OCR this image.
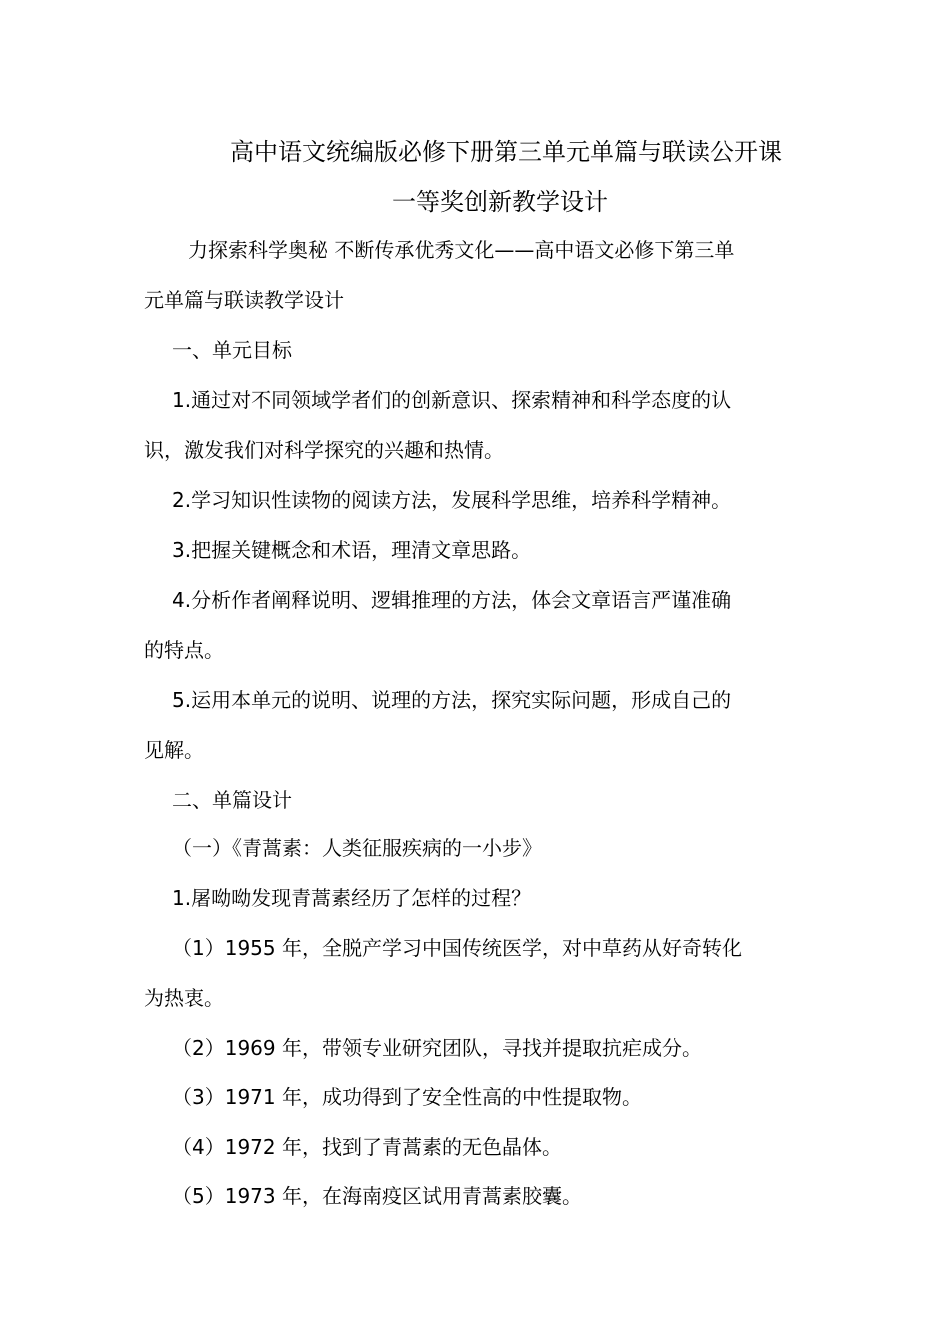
高中语文统编版必修下册第三单元单篇与联读公开课
一等奖创新教学设计
力探索科学奥秘 不断传承优秀文化——高中语文必修下第三单
元单篇与联读教学设计
一、单元目标
1.通过对不同领域学者们的创新意识、探索精神和科学态度的认
识，激发我们对科学探究的兴趣和热情。
2.学习知识性读物的阅读方法，发展科学思维，培养科学精神。
3.把握关键概念和术语，理清文章思路。
4.分析作者阐释说明、逻辑推理的方法，体会文章语言严谨准确
的特点。
5.运用本单元的说明、说理的方法，探究实际问题，形成自己的
见解。
二、单篇设计
（一）《青蒿素：人类征服疾病的一小步》
1.屠呦呦发现青蒿素经历了怎样的过程？
（1）1955 年，全脱产学习中国传统医学，对中草药从好奇转化
为热衷。
（2）1969 年，带领专业研究团队，寻找并提取抗疟成分。
（3）1971 年，成功得到了安全性高的中性提取物。
（4）1972 年，找到了青蒿素的无色晶体。
（5）1973 年，在海南疫区试用青蒿素胶囊。
